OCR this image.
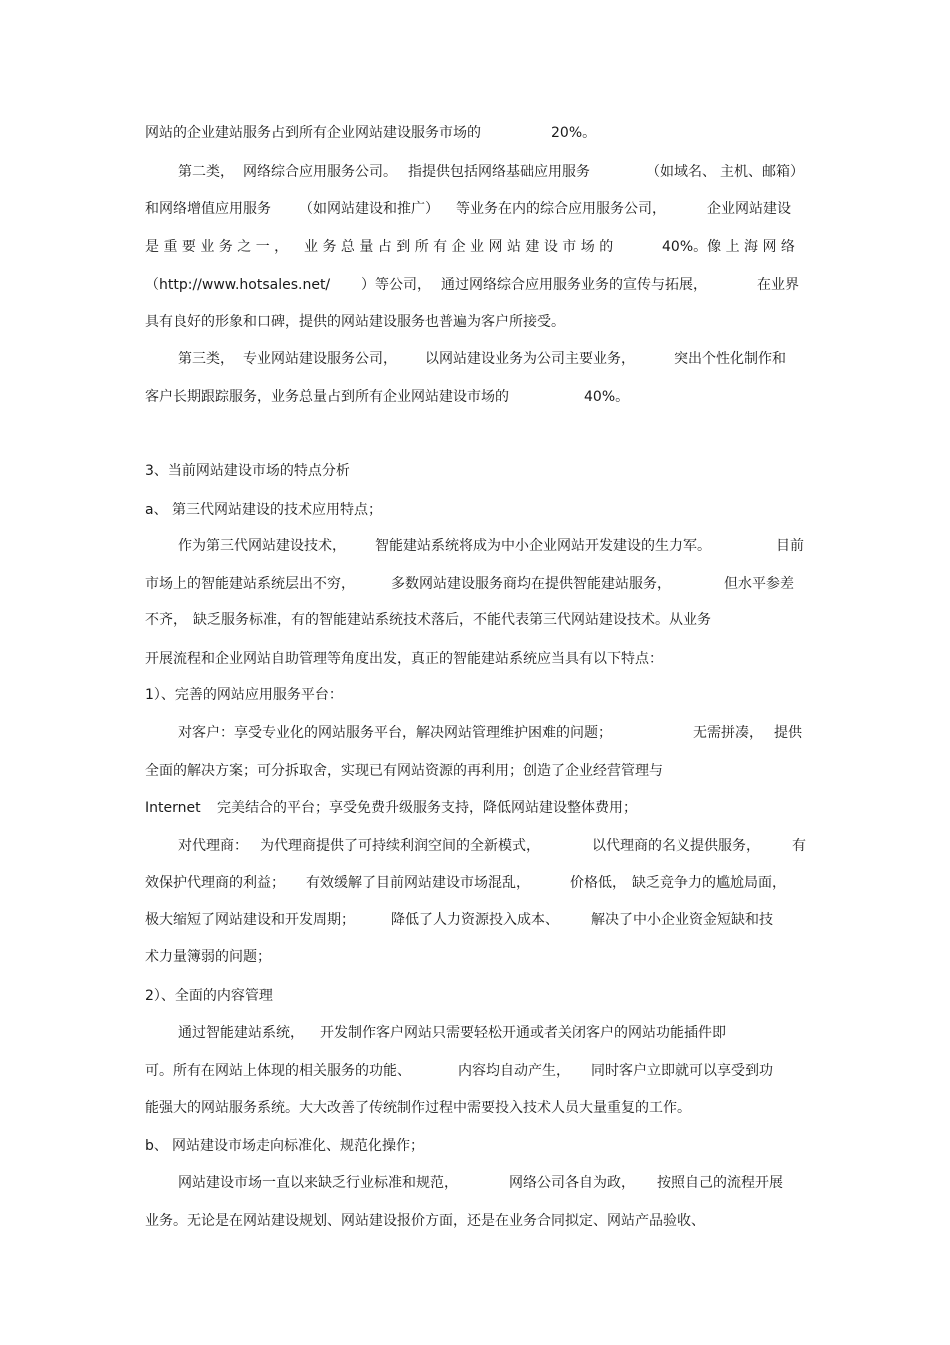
网站的企业建站服务占到所有企业网站建设服务市场的	20%。
第二类， 网络综合应用服务公司。 指提供包括网络基础应用服务	（如域名、 主机、邮箱）
和网络增值应用服务 （如网站建设和推广） 等业务在内的综合应用服务公司，	企业网站建设
是 重 要 业 务 之 一 ， 业 务 总 量 占 到 所 有 企 业 网 站 建 设 市 场 的	40%。像 上 海 网 络
（http://www.hotsales.net/ ）等公司， 通过网络综合应用服务业务的宣传与拓展，	在业界
具有良好的形象和口碑，提供的网站建设服务也普遍为客户所接受。
第三类， 专业网站建设服务公司， 以网站建设业务为公司主要业务，	突出个性化制作和
客户长期跟踪服务，业务总量占到所有企业网站建设市场的	40%。
3、当前网站建设市场的特点分析
a、 第三代网站建设的技术应用特点；
作为第三代网站建设技术， 智能建站系统将成为中小企业网站开发建设的生力军。	目前
市场上的智能建站系统层出不穷，	多数网站建设服务商均在提供智能建站服务，	但水平参差
不齐， 缺乏服务标准，有的智能建站系统技术落后，不能代表第三代网站建设技术。从业务
开展流程和企业网站自助管理等角度出发，真正的智能建站系统应当具有以下特点：
1）、完善的网站应用服务平台：
对客户：享受专业化的网站服务平台，解决网站管理维护困难的问题；	无需拼凑， 提供
全面的解决方案；可分拆取舍，实现已有网站资源的再利用；创造了企业经营管理与
Internet 完美结合的平台；享受免费升级服务支持，降低网站建设整体费用；
对代理商： 为代理商提供了可持续利润空间的全新模式，	以代理商的名义提供服务， 有
效保护代理商的利益； 有效缓解了目前网站建设市场混乱，	价格低， 缺乏竞争力的尴尬局面，
极大缩短了网站建设和开发周期；	降低了人力资源投入成本、 解决了中小企业资金短缺和技
术力量簿弱的问题；
2）、全面的内容管理
通过智能建站系统， 开发制作客户网站只需要轻松开通或者关闭客户的网站功能插件即
可。所有在网站上体现的相关服务的功能、	内容均自动产生， 同时客户立即就可以享受到功
能强大的网站服务系统。大大改善了传统制作过程中需要投入技术人员大量重复的工作。
b、 网站建设市场走向标准化、规范化操作；
网站建设市场一直以来缺乏行业标准和规范，	网络公司各自为政， 按照自己的流程开展
业务。无论是在网站建设规划、网站建设报价方面，还是在业务合同拟定、网站产品验收、
